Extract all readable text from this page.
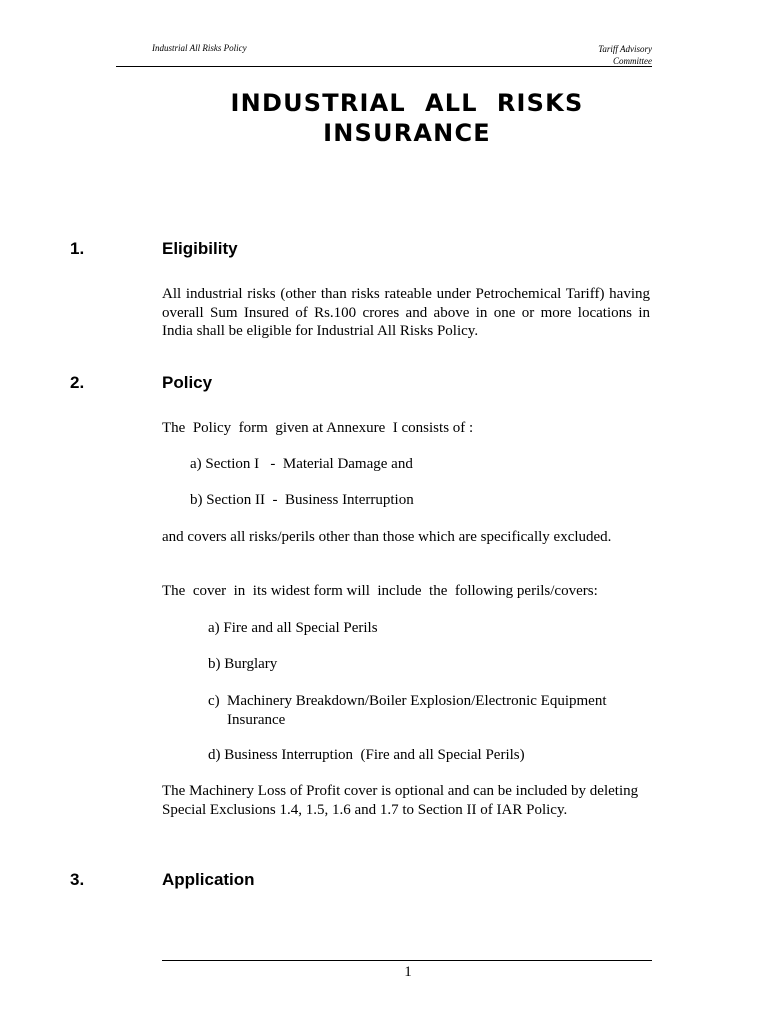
Industrial All Risks Policy	Tariff Advisory
Committee
INDUSTRIAL  ALL  RISKS
INSURANCE
1.	Eligibility

All industrial risks (other than risks rateable under Petrochemical Tariff) having overall Sum Insured of Rs.100 crores and above in one or more locations in India shall be eligible for Industrial All Risks Policy.

2.	Policy

The  Policy  form  given at Annexure  I consists of :

a) Section I   -  Material Damage and

b) Section II  -  Business Interruption

and covers all risks/perils other than those which are specifically excluded.

The  cover  in  its widest form will  include  the  following perils/covers:

a) Fire and all Special Perils
b) Burglary
c) Machinery Breakdown/Boiler Explosion/Electronic Equipment Insurance
d) Business Interruption  (Fire and all Special Perils)

The Machinery Loss of Profit cover is optional and can be included by deleting Special Exclusions 1.4, 1.5, 1.6 and 1.7 to Section II of IAR Policy.

3.	Application
1
